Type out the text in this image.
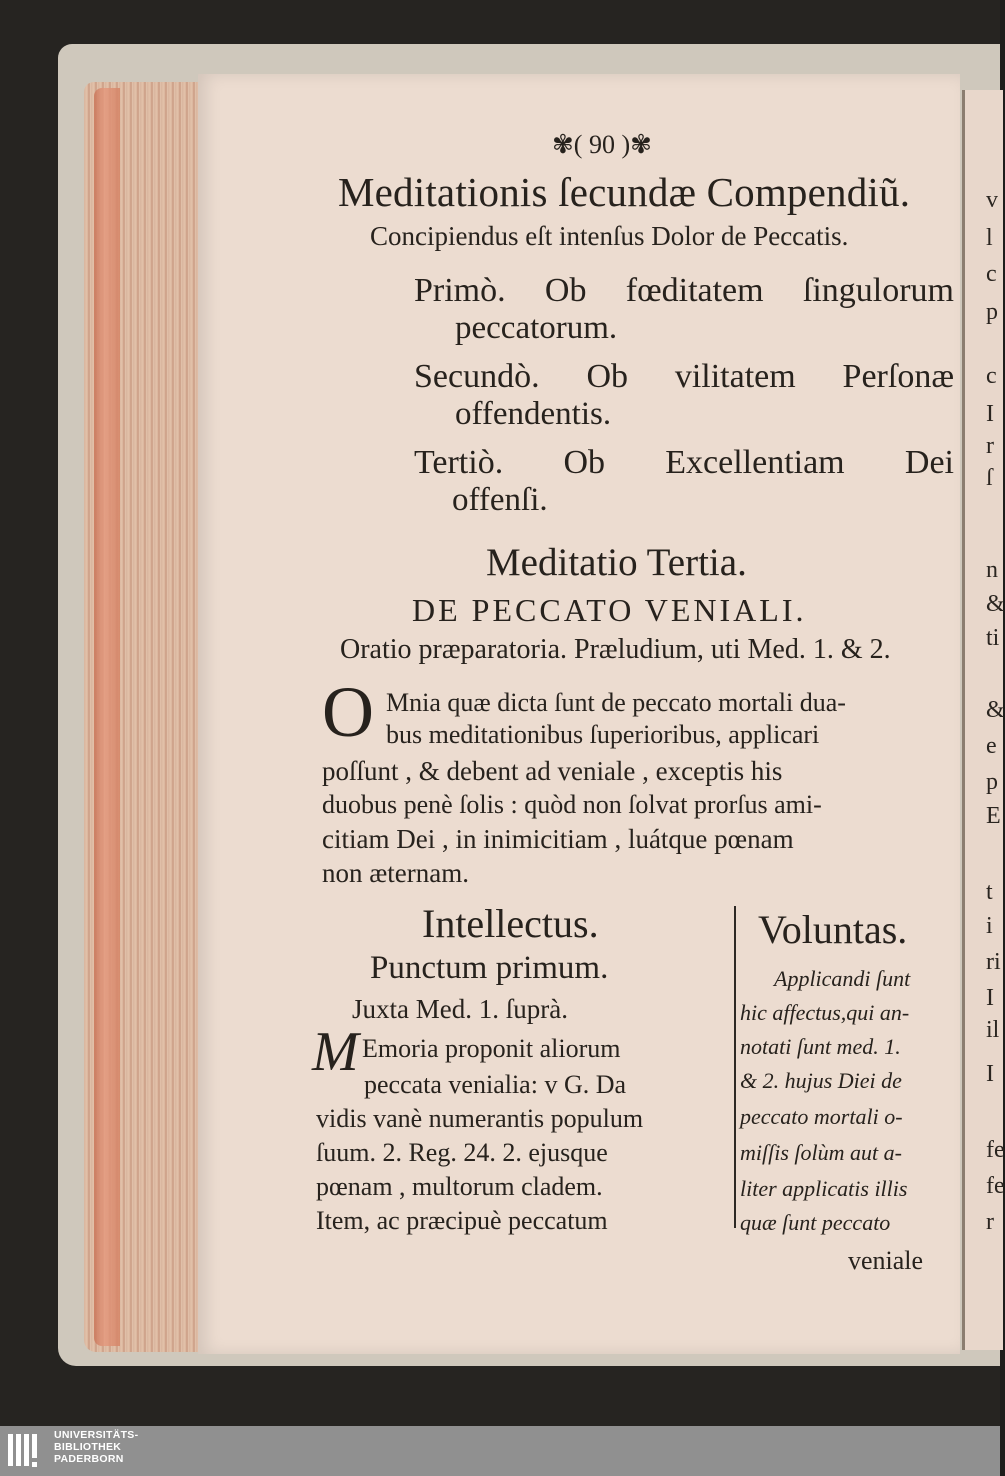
v
l
c
p
c
I
r
ſ
n
&
ti
&
e
p
E
t
i
ri
I
il
I
fe
fe
r
✾( 90 )✾
Meditationis ſecundæ Compendiũ.
Concipiendus eſt intenſus Dolor de Peccatis.
Primò. Ob fœditatem ſingulorum
peccatorum.
Secundò. Ob vilitatem Perſonæ
offendentis.
Tertiò. Ob Excellentiam Dei
offenſi.
Meditatio Tertia.
DE PECCATO VENIALI.
Oratio præparatoria. Præludium, uti Med. 1. & 2.
O Mnia quæ dicta ſunt de peccato mortali dua-
bus meditationibus ſuperioribus, applicari
poſſunt , & debent ad veniale , exceptis his
duobus penè ſolis : quòd non ſolvat prorſus ami-
citiam Dei , in inimicitiam , luátque pœnam
non æternam.
Intellectus.
Punctum primum.
Juxta Med. 1. ſuprà.
M Emoria proponit aliorum
peccata venialia: v G. Da
vidis vanè numerantis populum
ſuum. 2. Reg. 24. 2. ejusque
pœnam , multorum cladem.
Item, ac præcipuè peccatum
Voluntas.
Applicandi ſunt
hic affectus,qui an-
notati ſunt med. 1.
& 2. hujus Diei de
peccato mortali o-
miſſis ſolùm aut a-
liter applicatis illis
quæ ſunt peccato
veniale
UNIVERSITÄTS-
BIBLIOTHEK
PADERBORN
